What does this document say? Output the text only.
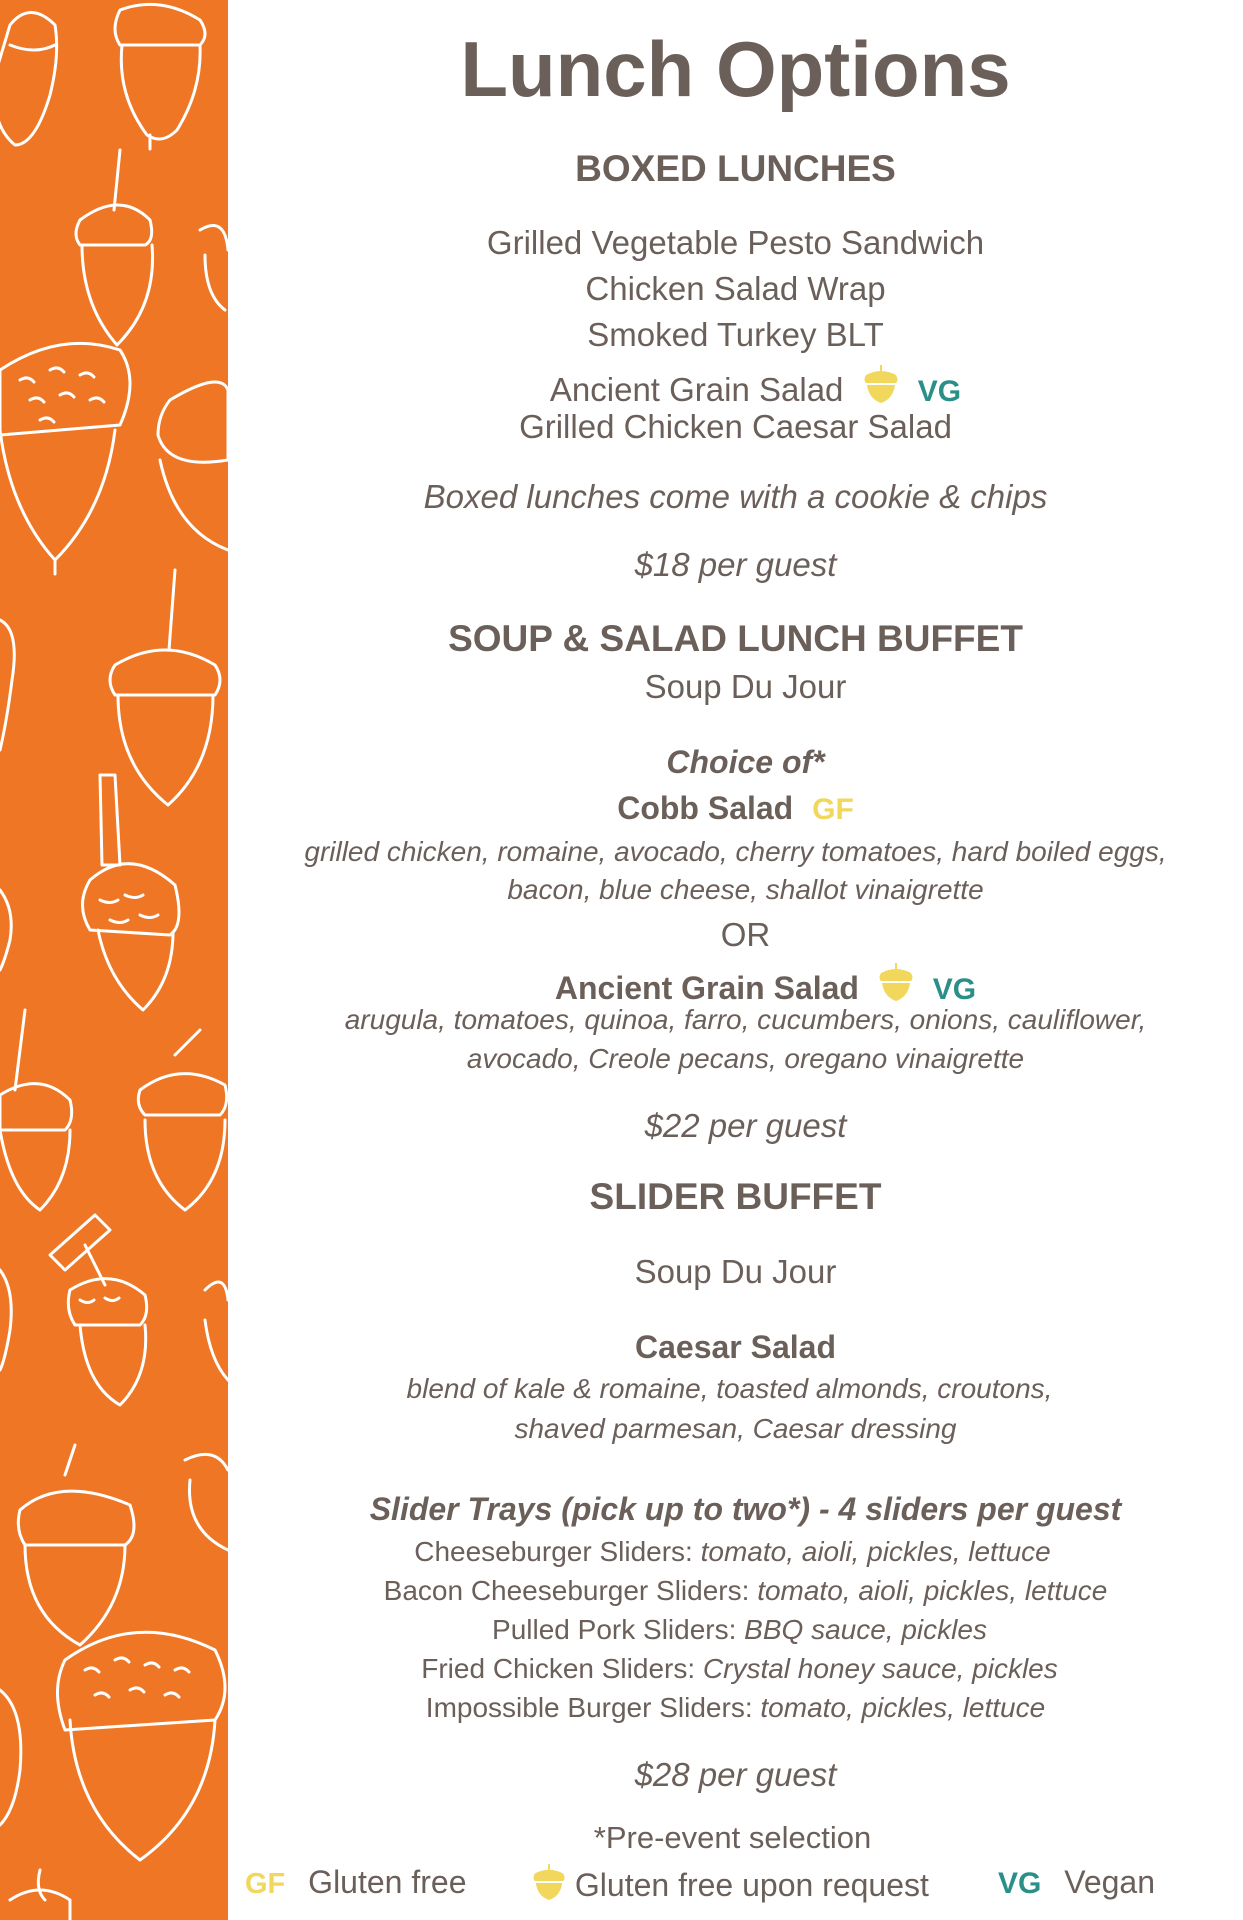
Lunch Options
BOXED LUNCHES
Grilled Vegetable Pesto Sandwich
Chicken Salad Wrap
Smoked Turkey BLT
Ancient Grain Salad VG
Grilled Chicken Caesar Salad
Boxed lunches come with a cookie & chips
$18 per guest
SOUP & SALAD LUNCH BUFFET
Soup Du Jour
Choice of*
Cobb Salad GF
grilled chicken, romaine, avocado, cherry tomatoes, hard boiled eggs,
bacon, blue cheese, shallot vinaigrette
OR
Ancient Grain Salad VG
arugula, tomatoes, quinoa, farro, cucumbers, onions, cauliflower,
avocado, Creole pecans, oregano vinaigrette
$22 per guest
SLIDER BUFFET
Soup Du Jour
Caesar Salad
blend of kale & romaine, toasted almonds, croutons,
shaved parmesan, Caesar dressing
Slider Trays (pick up to two*) - 4 sliders per guest
Cheeseburger Sliders: tomato, aioli, pickles, lettuce
Bacon Cheeseburger Sliders: tomato, aioli, pickles, lettuce
Pulled Pork Sliders: BBQ sauce, pickles
Fried Chicken Sliders: Crystal honey sauce, pickles
Impossible Burger Sliders: tomato, pickles, lettuce
$28 per guest
*Pre-event selection
GF Gluten free	Gluten free upon request VG Vegan
